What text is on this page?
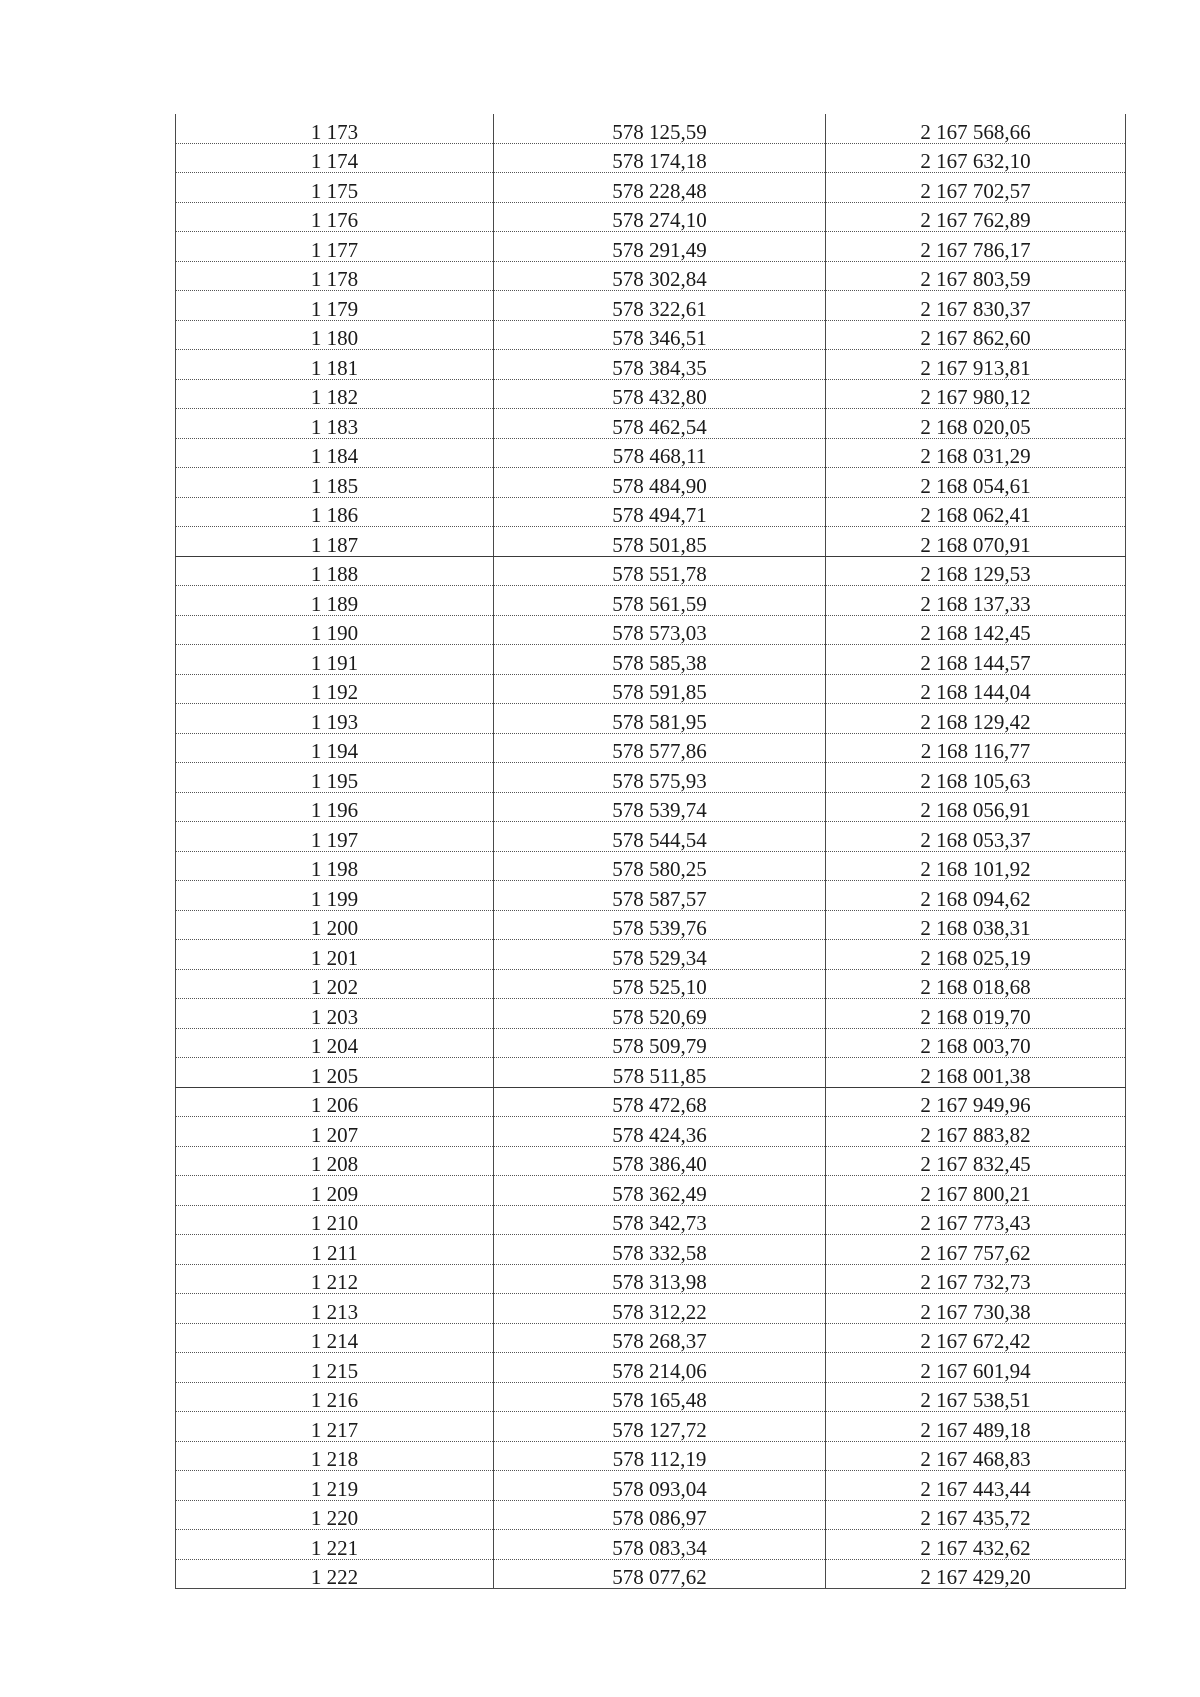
1 173	578 125,59	2 167 568,66
1 174	578 174,18	2 167 632,10
1 175	578 228,48	2 167 702,57
1 176	578 274,10	2 167 762,89
1 177	578 291,49	2 167 786,17
1 178	578 302,84	2 167 803,59
1 179	578 322,61	2 167 830,37
1 180	578 346,51	2 167 862,60
1 181	578 384,35	2 167 913,81
1 182	578 432,80	2 167 980,12
1 183	578 462,54	2 168 020,05
1 184	578 468,11	2 168 031,29
1 185	578 484,90	2 168 054,61
1 186	578 494,71	2 168 062,41
1 187	578 501,85	2 168 070,91
1 188	578 551,78	2 168 129,53
1 189	578 561,59	2 168 137,33
1 190	578 573,03	2 168 142,45
1 191	578 585,38	2 168 144,57
1 192	578 591,85	2 168 144,04
1 193	578 581,95	2 168 129,42
1 194	578 577,86	2 168 116,77
1 195	578 575,93	2 168 105,63
1 196	578 539,74	2 168 056,91
1 197	578 544,54	2 168 053,37
1 198	578 580,25	2 168 101,92
1 199	578 587,57	2 168 094,62
1 200	578 539,76	2 168 038,31
1 201	578 529,34	2 168 025,19
1 202	578 525,10	2 168 018,68
1 203	578 520,69	2 168 019,70
1 204	578 509,79	2 168 003,70
1 205	578 511,85	2 168 001,38
1 206	578 472,68	2 167 949,96
1 207	578 424,36	2 167 883,82
1 208	578 386,40	2 167 832,45
1 209	578 362,49	2 167 800,21
1 210	578 342,73	2 167 773,43
1 211	578 332,58	2 167 757,62
1 212	578 313,98	2 167 732,73
1 213	578 312,22	2 167 730,38
1 214	578 268,37	2 167 672,42
1 215	578 214,06	2 167 601,94
1 216	578 165,48	2 167 538,51
1 217	578 127,72	2 167 489,18
1 218	578 112,19	2 167 468,83
1 219	578 093,04	2 167 443,44
1 220	578 086,97	2 167 435,72
1 221	578 083,34	2 167 432,62
1 222	578 077,62	2 167 429,20
